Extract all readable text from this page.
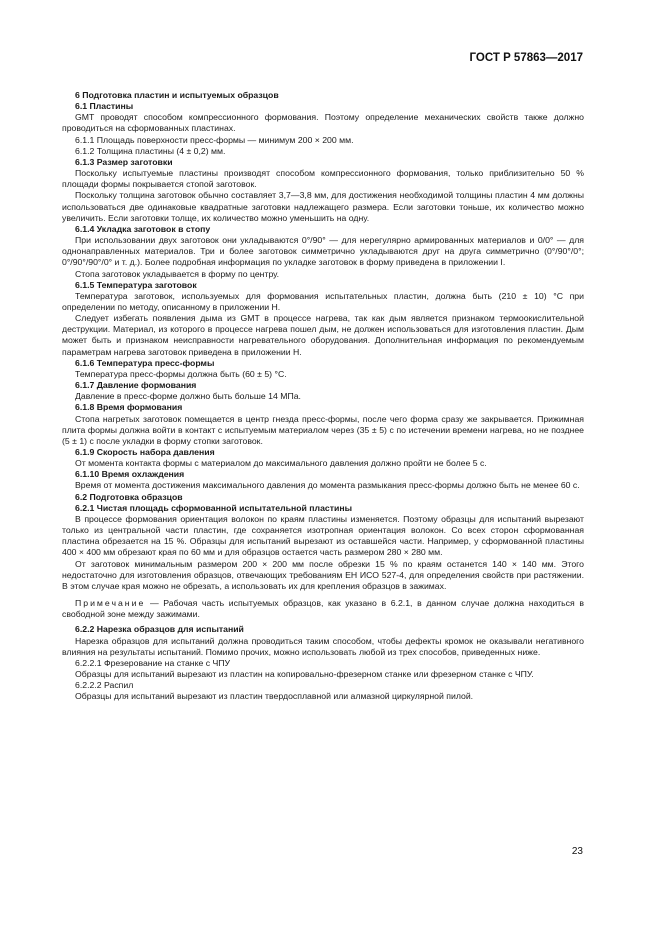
ГОСТ Р 57863—2017
6 Подготовка пластин и испытуемых образцов
6.1 Пластины

GMT проводят способом компрессионного формования. Поэтому определение механических свойств также должно проводиться на сформованных пластинах.

6.1.1 Площадь поверхности пресс-формы — минимум 200 × 200 мм.

6.1.2 Толщина пластины (4 ± 0,2) мм.

6.1.3 Размер заготовки

Поскольку испытуемые пластины производят способом компрессионного формования, только приблизительно 50 % площади формы покрывается стопой заготовок.

Поскольку толщина заготовок обычно составляет 3,7—3,8 мм, для достижения необходимой толщины пластин 4 мм должны использоваться две одинаковые квадратные заготовки надлежащего размера. Если заготовки тоньше, их количество можно увеличить. Если заготовки толще, их количество можно уменьшить на одну.

6.1.4 Укладка заготовок в стопу

При использовании двух заготовок они укладываются 0°/90° — для нерегулярно армированных материалов и 0/0° — для однонаправленных материалов. Три и более заготовок симметрично укладываются друг на друга симметрично (0°/90°/0°; 0°/90°/90°/0° и т. д.). Более подробная информация по укладке заготовок в форму приведена в приложении I.

Стопа заготовок укладывается в форму по центру.

6.1.5 Температура заготовок

Температура заготовок, используемых для формования испытательных пластин, должна быть (210 ± 10) °С при определении по методу, описанному в приложении Н.

Следует избегать появления дыма из GMT в процессе нагрева, так как дым является признаком термоокислительной деструкции. Материал, из которого в процессе нагрева пошел дым, не должен использоваться для изготовления пластин. Дым может быть и признаком неисправности нагревательного оборудования. Дополнительная информация по рекомендуемым параметрам нагрева заготовок приведена в приложении Н.

6.1.6 Температура пресс-формы

Температура пресс-формы должна быть (60 ± 5) °С.

6.1.7 Давление формования

Давление в пресс-форме должно быть больше 14 МПа.

6.1.8 Время формования

Стопа нагретых заготовок помещается в центр гнезда пресс-формы, после чего форма сразу же закрывается. Прижимная плита формы должна войти в контакт с испытуемым материалом через (35 ± 5) с по истечении времени нагрева, но не позднее (5 ± 1) с после укладки в форму стопки заготовок.

6.1.9 Скорость набора давления

От момента контакта формы с материалом до максимального давления должно пройти не более 5 с.

6.1.10 Время охлаждения

Время от момента достижения максимального давления до момента размыкания пресс-формы должно быть не менее 60 с.

6.2 Подготовка образцов
6.2.1 Чистая площадь сформованной испытательной пластины

В процессе формования ориентация волокон по краям пластины изменяется. Поэтому образцы для испытаний вырезают только из центральной части пластин, где сохраняется изотропная ориентация волокон. Со всех сторон сформованная пластина обрезается на 15 %. Образцы для испытаний вырезают из оставшейся части. Например, у сформованной пластины 400 × 400 мм обрезают края по 60 мм и для образцов остается часть размером 280 × 280 мм.

От заготовок минимальным размером 200 × 200 мм после обрезки 15 % по краям останется 140 × 140 мм. Этого недостаточно для изготовления образцов, отвечающих требованиям ЕН ИСО 527-4, для определения свойств при растяжении. В этом случае края можно не обрезать, а использовать их для крепления образцов в зажимах.

Примечание — Рабочая часть испытуемых образцов, как указано в 6.2.1, в данном случае должна находиться в свободной зоне между зажимами.

6.2.2 Нарезка образцов для испытаний

Нарезка образцов для испытаний должна проводиться таким способом, чтобы дефекты кромок не оказывали негативного влияния на результаты испытаний. Помимо прочих, можно использовать любой из трех способов, приведенных ниже.

6.2.2.1 Фрезерование на станке с ЧПУ

Образцы для испытаний вырезают из пластин на копировально-фрезерном станке или фрезерном станке с ЧПУ.

6.2.2.2 Распил

Образцы для испытаний вырезают из пластин твердосплавной или алмазной циркулярной пилой.

23
